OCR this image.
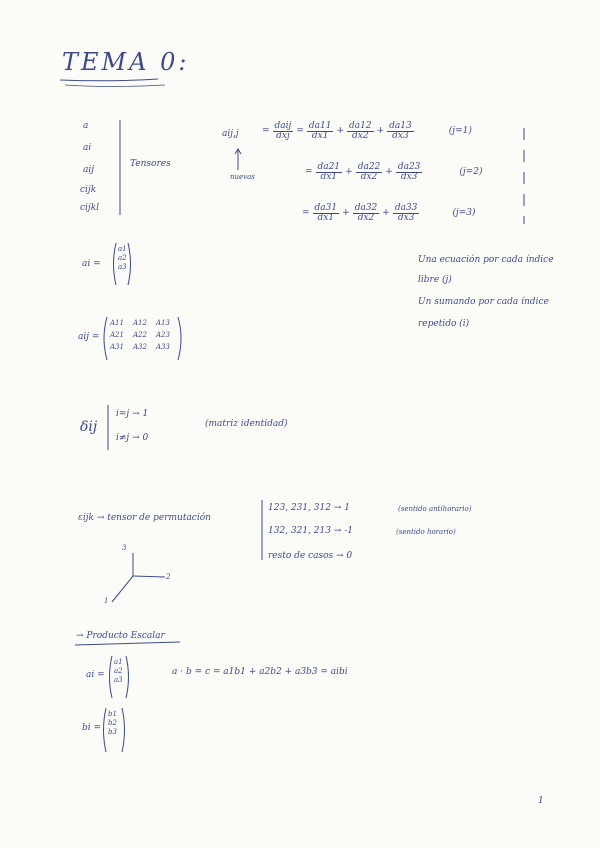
TEMA 0:
a
ai
aij
cijk
cijkl
Tensores
aij,j
nuevas
= $\frac{\text{daij}}{\text{dxj}} = \frac{da11}{dx1} + \frac{da12}{dx2} + \frac{da13}{dx3}$	(j=1)
= $\frac{da21}{dx1} + \frac{da22}{dx2} + \frac{da23}{dx3}$	(j=2)
= $\frac{da31}{dx1} + \frac{da32}{dx2} + \frac{da33}{dx3}$	(j=3)
Una ecuación por cada índice
libre (j)
Un sumando por cada índice
repetido (i)
ai =
a1
a2
a3
aij =
A11 A12 A13
A21 A22 A23
A31 A32 A33
δij
i=j → 1
i≠j → 0
(matriz identidad)
εijk → tensor de permutación
123, 231, 312 → 1	(sentido antihorario)
132, 321, 213 → -1	(sentido horario)
resto de casos → 0
3
2
1
→ Producto Escalar
ai =
a1
a2
a3
bi =
b1
b2
b3
a · b = c = a1b1 + a2b2 + a3b3 = aibi
1
